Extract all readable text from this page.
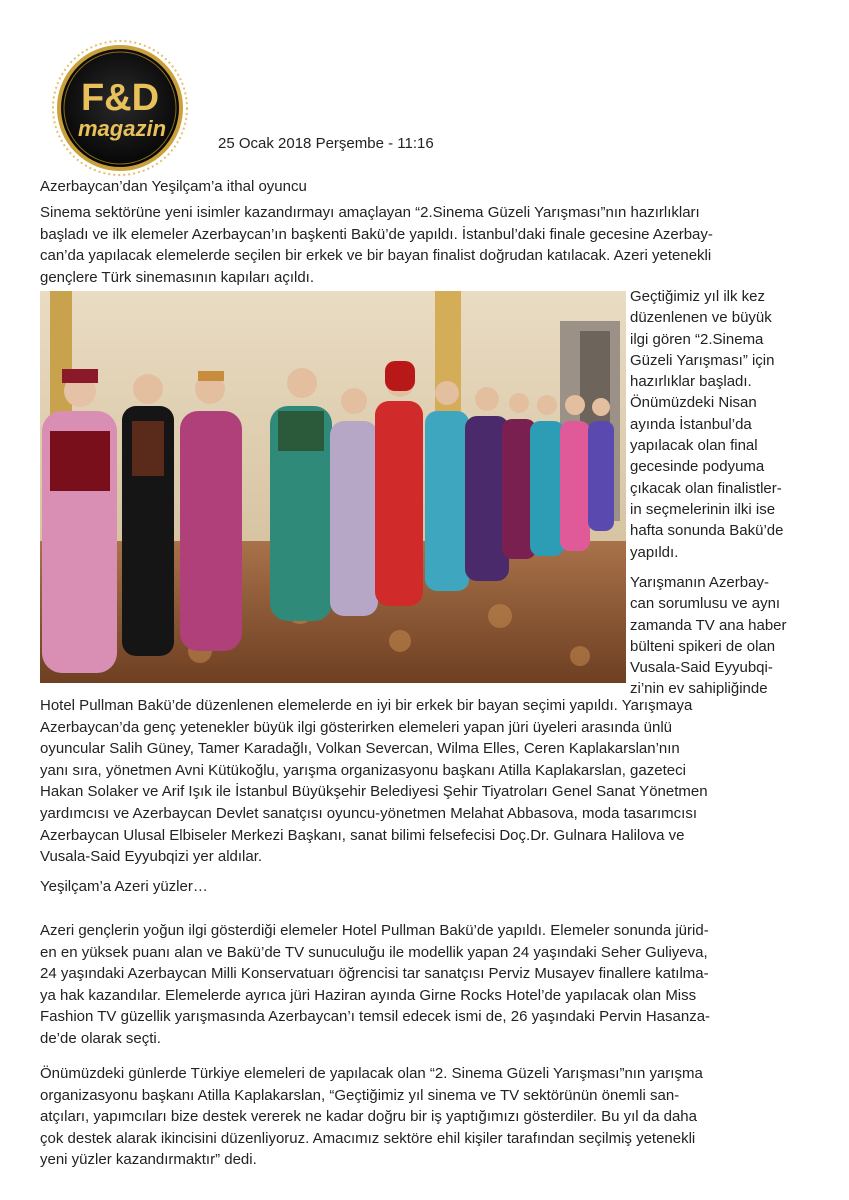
F&D
magazin
25 Ocak 2018 Perşembe - 11:16
Azerbaycan’dan Yeşilçam’a ithal oyuncu
Sinema sektörüne yeni isimler kazandırmayı amaçlayan “2.Sinema Güzeli Yarışması”nın hazırlıkları
başladı ve ilk elemeler Azerbaycan’ın başkenti Bakü’de yapıldı. İstanbul’daki finale gecesine Azerbay-
can’da yapılacak elemelerde seçilen bir erkek ve bir bayan finalist doğrudan katılacak. Azeri yetenekli
gençlere Türk sinemasının kapıları açıldı.
Geçtiğimiz yıl ilk kez
düzenlenen ve büyük
ilgi gören “2.Sinema
Güzeli Yarışması” için
hazırlıklar başladı.
Önümüzdeki Nisan
ayında İstanbul’da
yapılacak olan final
gecesinde podyuma
çıkacak olan finalistler-
in seçmelerinin ilki ise
hafta sonunda Bakü’de
yapıldı.
Yarışmanın Azerbay-
can sorumlusu ve aynı
zamanda TV ana haber
bülteni spikeri de olan
Vusala-Said Eyyubqi-
zi’nin ev sahipliğinde
Hotel Pullman Bakü’de düzenlenen elemelerde en iyi bir erkek bir bayan seçimi yapıldı. Yarışmaya
Azerbaycan’da genç yetenekler büyük ilgi gösterirken elemeleri yapan jüri üyeleri arasında ünlü
oyuncular Salih Güney, Tamer Karadağlı, Volkan Severcan, Wilma Elles, Ceren Kaplakarslan’nın
yanı sıra, yönetmen Avni Kütükoğlu, yarışma organizasyonu başkanı Atilla Kaplakarslan, gazeteci
Hakan Solaker ve Arif Işık ile İstanbul Büyükşehir Belediyesi Şehir Tiyatroları Genel Sanat Yönetmen
yardımcısı ve Azerbaycan Devlet sanatçısı oyuncu-yönetmen Melahat Abbasova, moda tasarımcısı
Azerbaycan Ulusal Elbiseler Merkezi Başkanı, sanat bilimi felsefecisi Doç.Dr. Gulnara Halilova ve
Vusala-Said Eyyubqizi yer aldılar.
Yeşilçam’a Azeri yüzler…
Azeri gençlerin yoğun ilgi gösterdiği elemeler Hotel Pullman Bakü’de yapıldı. Elemeler sonunda jürid-
en en yüksek puanı alan ve Bakü’de TV sunuculuğu ile modellik yapan 24 yaşındaki Seher Guliyeva,
24 yaşındaki Azerbaycan Milli Konservatuarı öğrencisi tar sanatçısı Perviz Musayev finallere katılma-
ya hak kazandılar. Elemelerde ayrıca jüri Haziran ayında Girne Rocks Hotel’de yapılacak olan Miss
Fashion TV güzellik yarışmasında Azerbaycan’ı temsil edecek ismi de, 26 yaşındaki Pervin Hasanza-
de’de olarak seçti.
Önümüzdeki günlerde Türkiye elemeleri de yapılacak olan “2. Sinema Güzeli Yarışması”nın yarışma
organizasyonu başkanı Atilla Kaplakarslan, “Geçtiğimiz yıl sinema ve TV sektörünün önemli san-
atçıları, yapımcıları bize destek vererek ne kadar doğru bir iş yaptığımızı gösterdiler. Bu yıl da daha
çok destek alarak ikincisini düzenliyoruz. Amacımız sektöre ehil kişiler tarafından seçilmiş yetenekli
yeni yüzler kazandırmaktır” dedi.
